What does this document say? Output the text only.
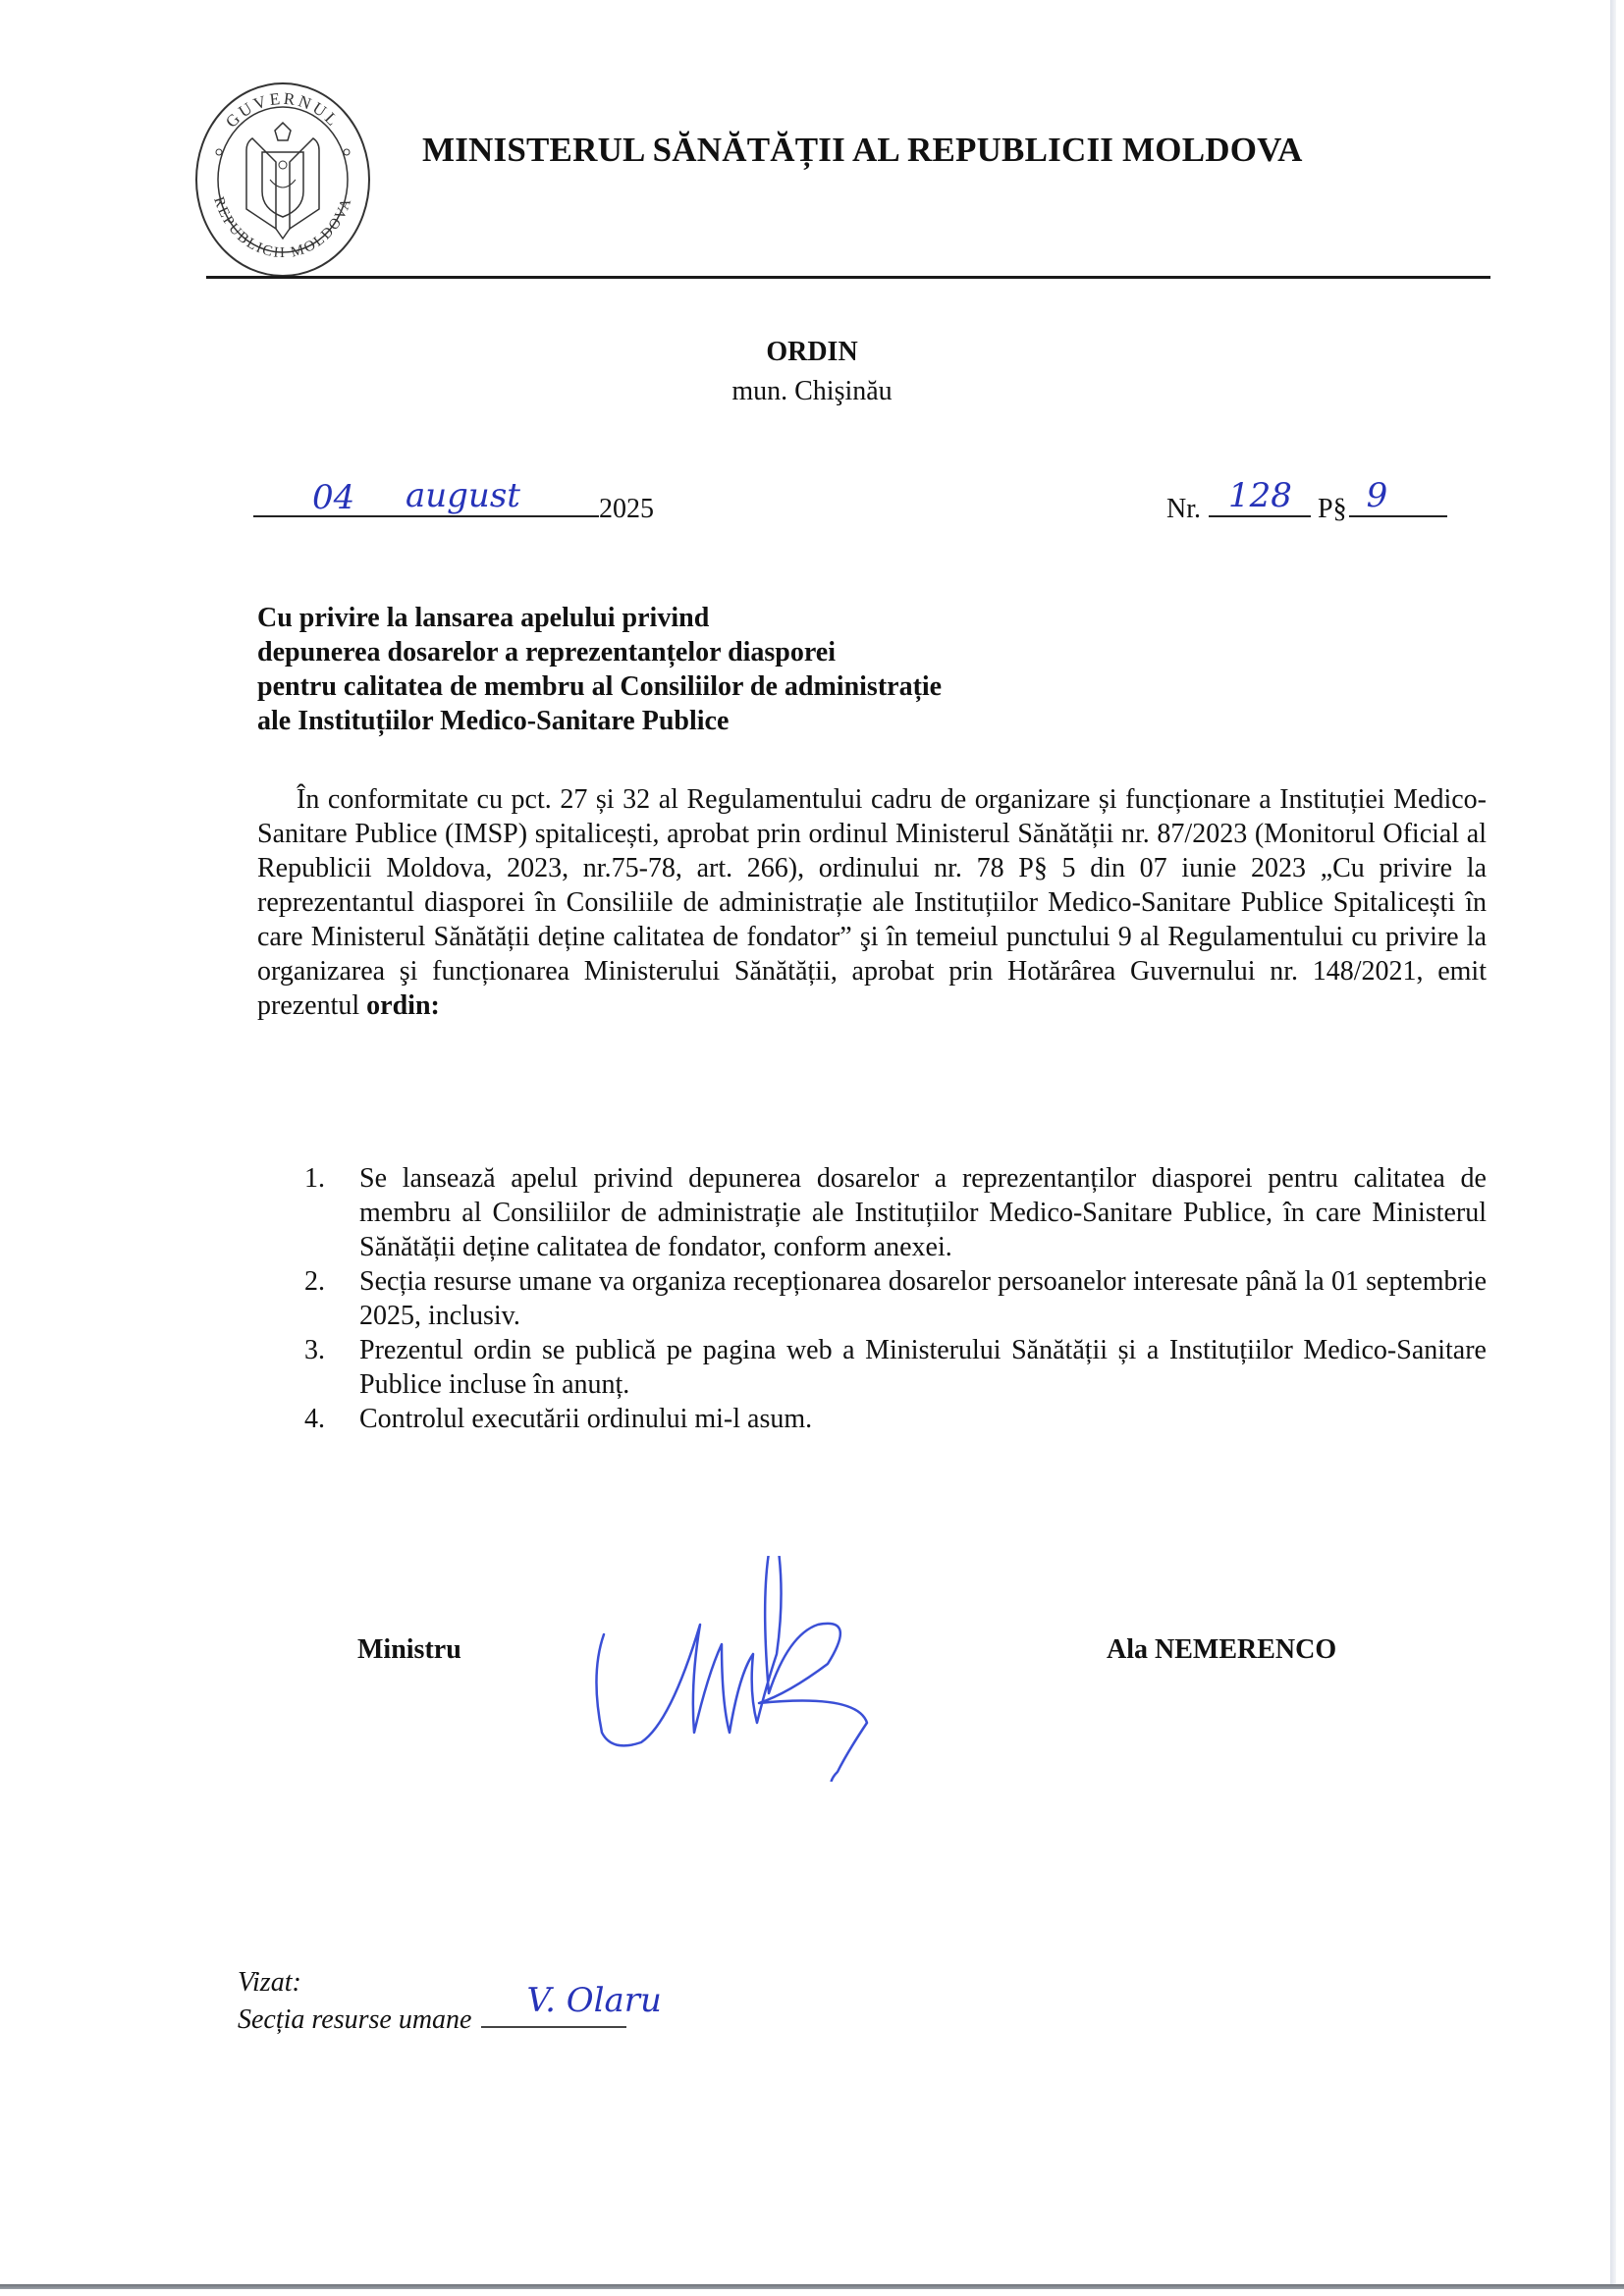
GUVERNUL
REPUBLICII MOLDOVA
MINISTERUL SĂNĂTĂȚII AL REPUBLICII MOLDOVA
ORDIN
mun. Chişinău
04 august	2025	Nr. 128 P§ 9
Cu privire la lansarea apelului privind
depunerea dosarelor a reprezentanțelor diasporei
pentru calitatea de membru al Consiliilor de administrație
ale Instituțiilor Medico-Sanitare Publice
În conformitate cu pct. 27 și 32 al Regulamentului cadru de organizare și funcționare a Instituției Medico-Sanitare Publice (IMSP) spitalicești, aprobat prin ordinul Ministerul Sănătății nr. 87/2023 (Monitorul Oficial al Republicii Moldova, 2023, nr.75-78, art. 266), ordinului nr. 78 P§ 5 din 07 iunie 2023 „Cu privire la reprezentantul diasporei în Consiliile de administrație ale Instituțiilor Medico-Sanitare Publice Spitalicești în care Ministerul Sănătății deține calitatea de fondator” şi în temeiul punctului 9 al Regulamentului cu privire la organizarea şi funcționarea Ministerului Sănătății, aprobat prin Hotărârea Guvernului nr. 148/2021, emit prezentul ordin:
1. Se lansează apelul privind depunerea dosarelor a reprezentanților diasporei pentru calitatea de membru al Consiliilor de administrație ale Instituțiilor Medico-Sanitare Publice, în care Ministerul Sănătății deține calitatea de fondator, conform anexei.
2. Secția resurse umane va organiza recepționarea dosarelor persoanelor interesate până la 01 septembrie 2025, inclusiv.
3. Prezentul ordin se publică pe pagina web a Ministerului Sănătății și a Instituțiilor Medico-Sanitare Publice incluse în anunț.
4. Controlul executării ordinului mi-l asum.
Ministru	Ala NEMERENCO
Vizat:
Secția resurse umane V. Olaru
